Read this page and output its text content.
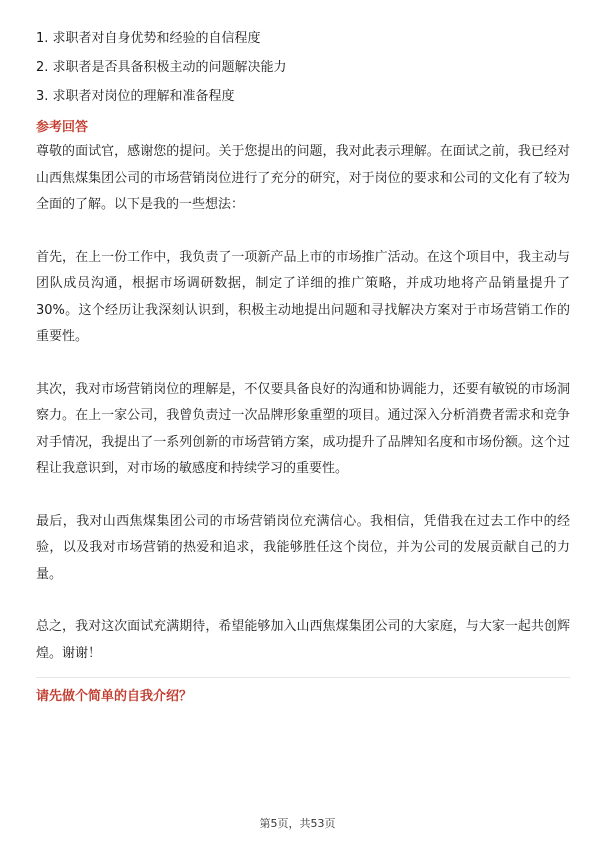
1. 求职者对自身优势和经验的自信程度

2. 求职者是否具备积极主动的问题解决能力

3. 求职者对岗位的理解和准备程度

参考回答

尊敬的面试官，感谢您的提问。关于您提出的问题，我对此表示理解。在面试之前，我已经对山西焦煤集团公司的市场营销岗位进行了充分的研究，对于岗位的要求和公司的文化有了较为全面的了解。以下是我的一些想法：

首先，在上一份工作中，我负责了一项新产品上市的市场推广活动。在这个项目中，我主动与团队成员沟通，根据市场调研数据，制定了详细的推广策略，并成功地将产品销量提升了30%。这个经历让我深刻认识到，积极主动地提出问题和寻找解决方案对于市场营销工作的重要性。

其次，我对市场营销岗位的理解是，不仅要具备良好的沟通和协调能力，还要有敏锐的市场洞察力。在上一家公司，我曾负责过一次品牌形象重塑的项目。通过深入分析消费者需求和竞争对手情况，我提出了一系列创新的市场营销方案，成功提升了品牌知名度和市场份额。这个过程让我意识到，对市场的敏感度和持续学习的重要性。

最后，我对山西焦煤集团公司的市场营销岗位充满信心。我相信，凭借我在过去工作中的经验，以及我对市场营销的热爱和追求，我能够胜任这个岗位，并为公司的发展贡献自己的力量。

总之，我对这次面试充满期待，希望能够加入山西焦煤集团公司的大家庭，与大家一起共创辉煌。谢谢！

请先做个简单的自我介绍？
第5页，共53页
